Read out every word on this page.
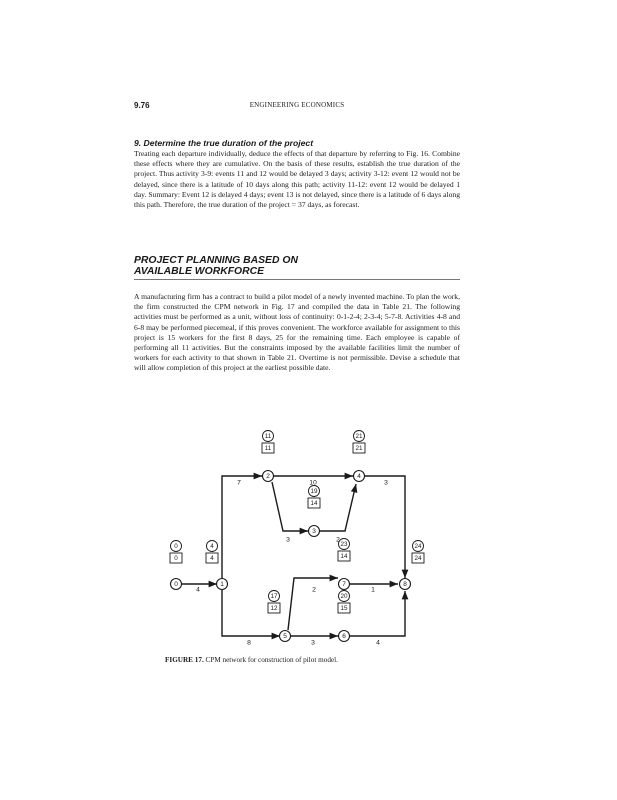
9.76	ENGINEERING ECONOMICS

9. Determine the true duration of the project

Treating each departure individually, deduce the effects of that departure by referring to Fig. 16. Combine these effects where they are cumulative. On the basis of these results, establish the true duration of the project. Thus activity 3-9: events 11 and 12 would be delayed 3 days; activity 3-12: event 12 would not be delayed, since there is a latitude of 10 days along this path; activity 11-12: event 12 would be delayed 1 day. Summary: Event 12 is delayed 4 days; event 13 is not delayed, since there is a latitude of 6 days along this path. Therefore, the true duration of the project = 37 days, as forecast.

PROJECT PLANNING BASED ON
AVAILABLE WORKFORCE

A manufacturing firm has a contract to build a pilot model of a newly invented machine. To plan the work, the firm constructed the CPM network in Fig. 17 and compiled the data in Table 21. The following activities must be performed as a unit, without loss of continuity: 0-1-2-4; 2-3-4; 5-7-8. Activities 4-8 and 6-8 may be performed piecemeal, if this proves convenient. The workforce available for assignment to this project is 15 workers for the first 8 days, 25 for the remaining time. Each employee is capable of performing all 11 activities. But the constraints imposed by the available facilities limit the number of workers for each activity to that shown in Table 21. Overtime is not permissible. Devise a schedule that will allow completion of this project at the earliest possible date.

0
0
0
1
4
4
2
11
11
3
19
14
4
21
21
5
17
12
6
20
15
7
23
14
8
24
24
4
7
8
10
3	2
3
2	1
3	4
FIGURE 17. CPM network for construction of pilot model.
